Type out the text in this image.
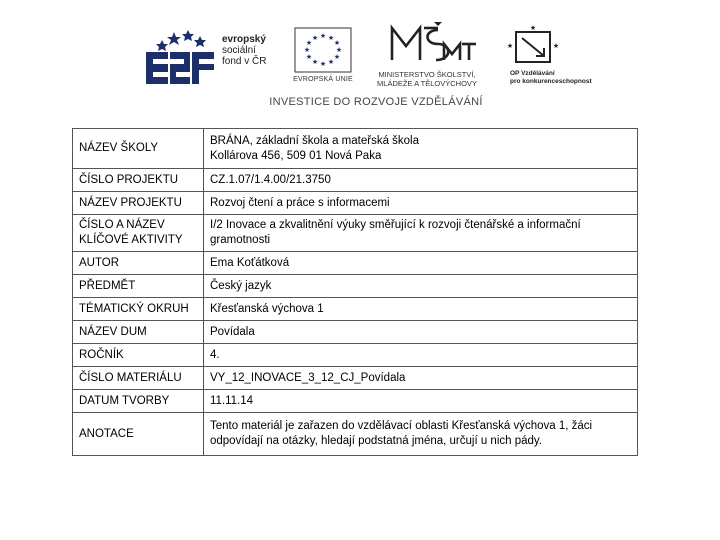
evropský
sociální
fond v ČR
★ ★
★
★
★
★
★
★
★
★
★
★
EVROPSKÁ UNIE
MINISTERSTVO ŠKOLSTVÍ,
MLÁDEŽE A TĚLOVÝCHOVY
★
★	★
OP Vzdělávání
pro konkurenceschopnost
INVESTICE DO ROZVOJE VZDĚLÁVÁNÍ
NÁZEV ŠKOLY	BRÁNA, základní škola a mateřská škola
Kollárova 456, 509 01 Nová Paka

ČÍSLO PROJEKTU	CZ.1.07/1.4.00/21.3750
NÁZEV PROJEKTU	Rozvoj čtení a práce s informacemi

ČÍSLO A NÁZEV
KLÍČOVÉ AKTIVITY	I/2 Inovace a zkvalitnění výuky směřující k rozvoji čtenářské a informační
gramotnosti

AUTOR	Ema Koťátková
PŘEDMĚT	Český jazyk
TÉMATICKÝ OKRUH	Křesťanská výchova 1
NÁZEV DUM	Povídala
ROČNÍK	4.
ČÍSLO MATERIÁLU	VY_12_INOVACE_3_12_CJ_Povídala
DATUM TVORBY	11.11.14
ANOTACE	Tento materiál je zařazen do vzdělávací oblasti Křesťanská výchova 1, žáci
odpovídají na otázky, hledají podstatná jména, určují u nich pády.
